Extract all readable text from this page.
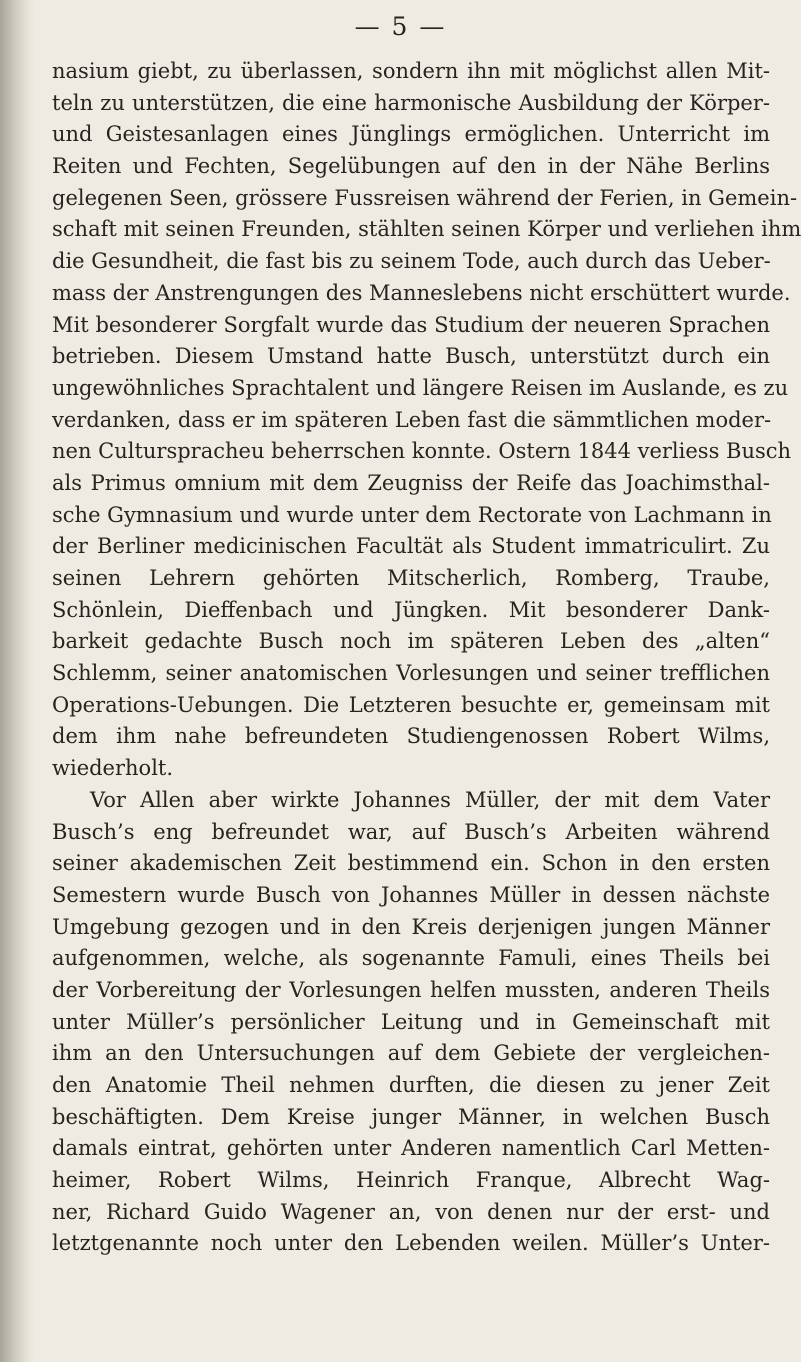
— 5 —
nasium giebt, zu überlassen, sondern ihn mit möglichst allen Mit-
teln zu unterstützen, die eine harmonische Ausbildung der Körper-
und Geistesanlagen eines Jünglings ermöglichen. Unterricht im
Reiten und Fechten, Segelübungen auf den in der Nähe Berlins
gelegenen Seen, grössere Fussreisen während der Ferien, in Gemein-
schaft mit seinen Freunden, stählten seinen Körper und verliehen ihm
die Gesundheit, die fast bis zu seinem Tode, auch durch das Ueber-
mass der Anstrengungen des Manneslebens nicht erschüttert wurde.
Mit besonderer Sorgfalt wurde das Studium der neueren Sprachen
betrieben. Diesem Umstand hatte Busch, unterstützt durch ein
ungewöhnliches Sprachtalent und längere Reisen im Auslande, es zu
verdanken, dass er im späteren Leben fast die sämmtlichen moder-
nen Culturspracheu beherrschen konnte. Ostern 1844 verliess Busch
als Primus omnium mit dem Zeugniss der Reife das Joachimsthal-
sche Gymnasium und wurde unter dem Rectorate von Lachmann in
der Berliner medicinischen Facultät als Student immatriculirt. Zu
seinen Lehrern gehörten Mitscherlich, Romberg, Traube,
Schönlein, Dieffenbach und Jüngken. Mit besonderer Dank-
barkeit gedachte Busch noch im späteren Leben des „alten“
Schlemm, seiner anatomischen Vorlesungen und seiner trefflichen
Operations-Uebungen. Die Letzteren besuchte er, gemeinsam mit
dem ihm nahe befreundeten Studiengenossen Robert Wilms,
wiederholt.
Vor Allen aber wirkte Johannes Müller, der mit dem Vater
Busch’s eng befreundet war, auf Busch’s Arbeiten während
seiner akademischen Zeit bestimmend ein. Schon in den ersten
Semestern wurde Busch von Johannes Müller in dessen nächste
Umgebung gezogen und in den Kreis derjenigen jungen Männer
aufgenommen, welche, als sogenannte Famuli, eines Theils bei
der Vorbereitung der Vorlesungen helfen mussten, anderen Theils
unter Müller’s persönlicher Leitung und in Gemeinschaft mit
ihm an den Untersuchungen auf dem Gebiete der vergleichen-
den Anatomie Theil nehmen durften, die diesen zu jener Zeit
beschäftigten. Dem Kreise junger Männer, in welchen Busch
damals eintrat, gehörten unter Anderen namentlich Carl Metten-
heimer, Robert Wilms, Heinrich Franque, Albrecht Wag-
ner, Richard Guido Wagener an, von denen nur der erst- und
letztgenannte noch unter den Lebenden weilen. Müller’s Unter-
